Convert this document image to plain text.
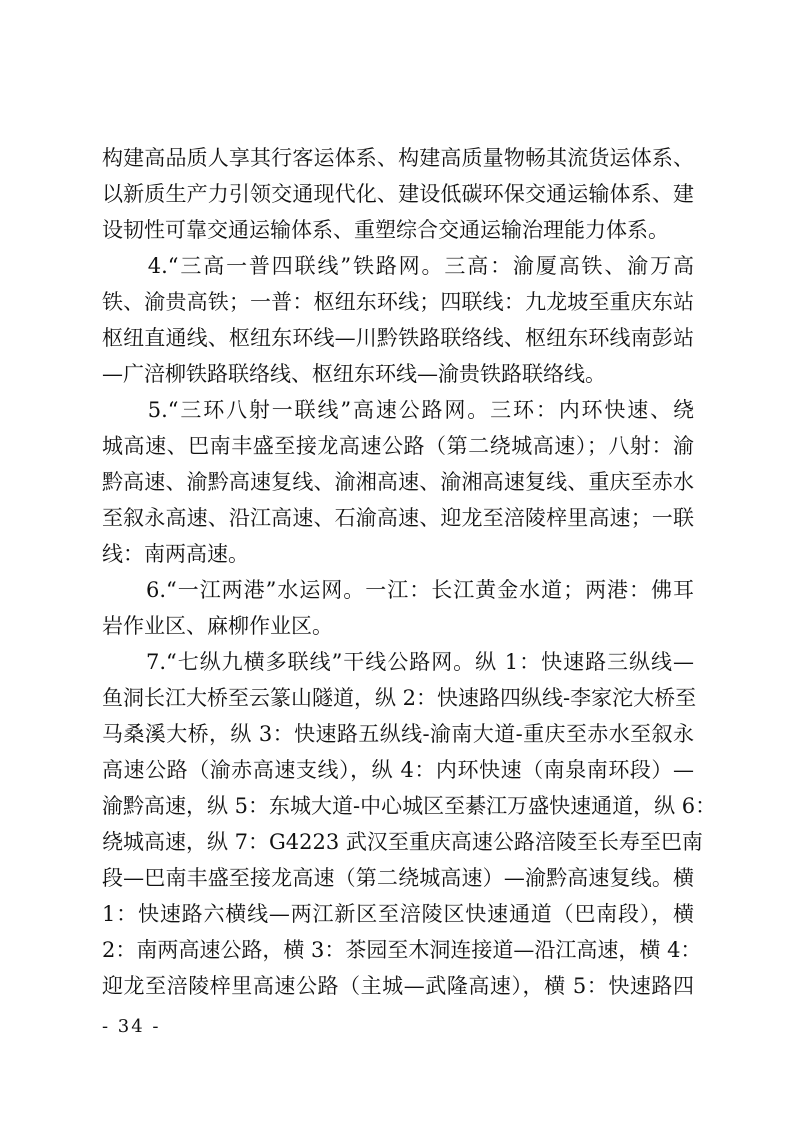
构建高品质人享其行客运体系、构建高质量物畅其流货运体系、
以新质生产力引领交通现代化、建设低碳环保交通运输体系、建
设韧性可靠交通运输体系、重塑综合交通运输治理能力体系。
　　4.“三高一普四联线”铁路网。三高：渝厦高铁、渝万高
铁、渝贵高铁；一普：枢纽东环线；四联线：九龙坡至重庆东站
枢纽直通线、枢纽东环线—川黔铁路联络线、枢纽东环线南彭站
—广涪柳铁路联络线、枢纽东环线—渝贵铁路联络线。
　　5.“三环八射一联线”高速公路网。三环：内环快速、绕
城高速、巴南丰盛至接龙高速公路（第二绕城高速）；八射：渝
黔高速、渝黔高速复线、渝湘高速、渝湘高速复线、重庆至赤水
至叙永高速、沿江高速、石渝高速、迎龙至涪陵梓里高速；一联
线：南两高速。
　　6.“一江两港”水运网。一江：长江黄金水道；两港：佛耳
岩作业区、麻柳作业区。
　　7.“七纵九横多联线”干线公路网。纵 1：快速路三纵线—
鱼洞长江大桥至云篆山隧道，纵 2：快速路四纵线-李家沱大桥至
马桑溪大桥，纵 3：快速路五纵线-渝南大道-重庆至赤水至叙永
高速公路（渝赤高速支线），纵 4：内环快速（南泉南环段）—
渝黔高速，纵 5：东城大道-中心城区至綦江万盛快速通道，纵 6：
绕城高速，纵 7：G4223 武汉至重庆高速公路涪陵至长寿至巴南
段—巴南丰盛至接龙高速（第二绕城高速）—渝黔高速复线。横
1：快速路六横线—两江新区至涪陵区快速通道（巴南段），横
2：南两高速公路，横 3：茶园至木洞连接道—沿江高速，横 4：
迎龙至涪陵梓里高速公路（主城—武隆高速），横 5：快速路四
- 34 -
